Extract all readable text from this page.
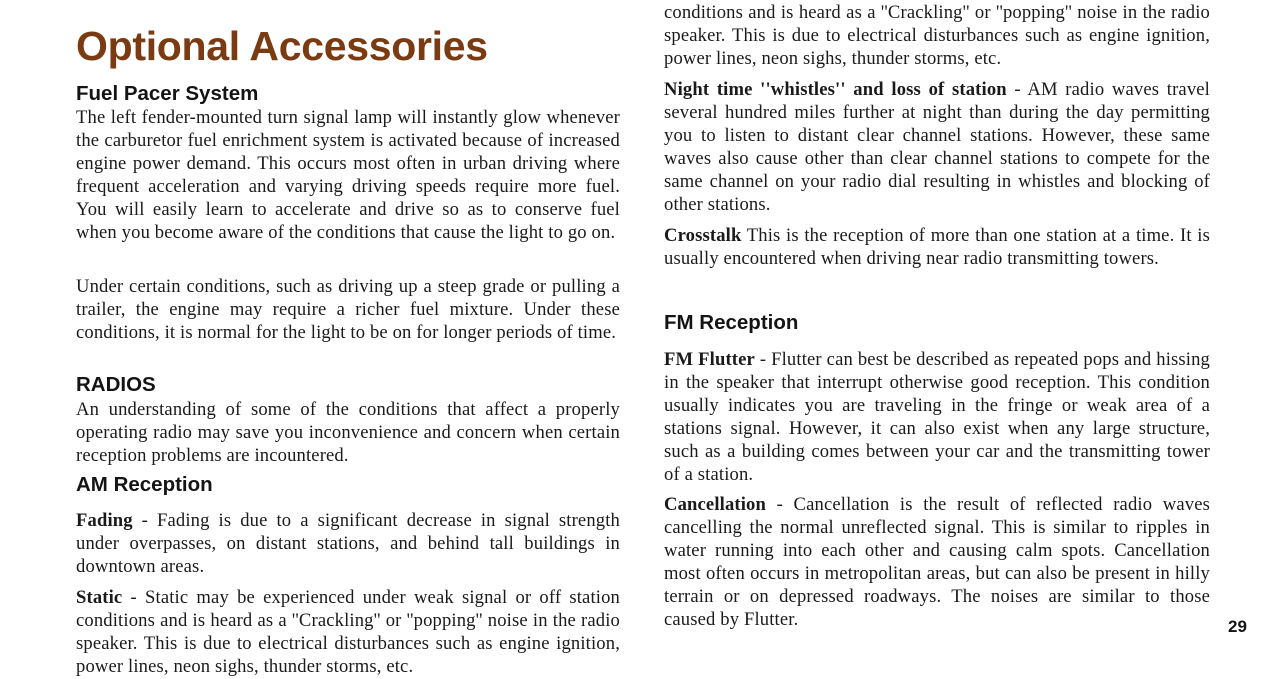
Optional Accessories
Fuel Pacer System

The left fender-mounted turn signal lamp will instantly glow whenever the carburetor fuel enrichment system is activated because of increased engine power demand. This occurs most often in urban driving where frequent acceleration and varying driving speeds require more fuel. You will easily learn to accelerate and drive so as to conserve fuel when you become aware of the conditions that cause the light to go on.

Under certain conditions, such as driving up a steep grade or pulling a trailer, the engine may require a richer fuel mixture. Under these conditions, it is normal for the light to be on for longer periods of time.

RADIOS

An understanding of some of the conditions that affect a properly operating radio may save you inconvenience and concern when certain reception problems are incountered.

AM Reception

Fading - Fading is due to a significant decrease in signal strength under overpasses, on distant stations, and behind tall buildings in downtown areas.

Static - Static may be experienced under weak signal or off station conditions and is heard as a ''Crackling'' or ''popping'' noise in the radio speaker. This is due to electrical disturbances such as engine ignition, power lines, neon sighs, thunder storms, etc.

conditions and is heard as a ''Crackling'' or ''popping'' noise in the radio speaker. This is due to electrical disturbances such as engine ignition, power lines, neon sighs, thunder storms, etc.

Night time ''whistles'' and loss of station - AM radio waves travel several hundred miles further at night than during the day permitting you to listen to distant clear channel stations. However, these same waves also cause other than clear channel stations to compete for the same channel on your radio dial resulting in whistles and blocking of other stations.

Crosstalk This is the reception of more than one station at a time. It is usually encountered when driving near radio transmitting towers.

FM Reception

FM Flutter - Flutter can best be described as repeated pops and hissing in the speaker that interrupt otherwise good reception. This condition usually indicates you are traveling in the fringe or weak area of a stations signal. However, it can also exist when any large structure, such as a building comes between your car and the transmitting tower of a station.

Cancellation - Cancellation is the result of reflected radio waves cancelling the normal unreflected signal. This is similar to ripples in water running into each other and causing calm spots. Cancellation most often occurs in metropolitan areas, but can also be present in hilly terrain or on depressed roadways. The noises are similar to those caused by Flutter.	29
